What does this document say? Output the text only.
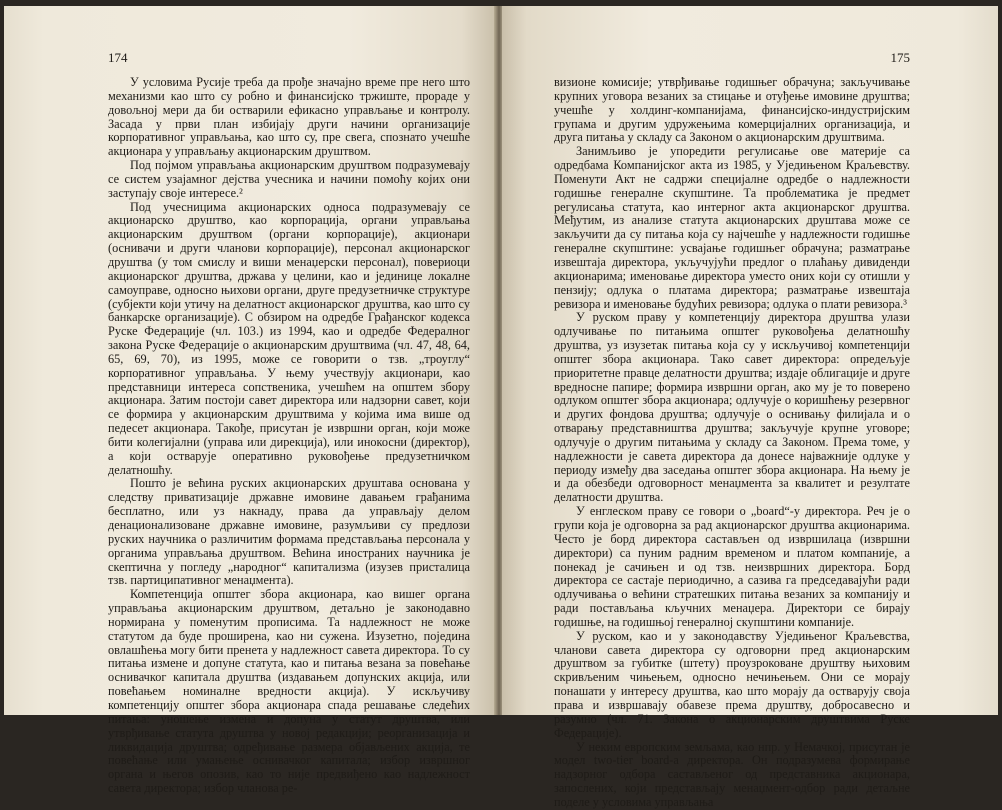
174

У условима Русије треба да прође значајно време пре него што механизми као што су робно и финансијско тржиште, прораде у довољној мери да би остварили ефикасно управљање и контролу. Засада у први план избијају други начини организације корпоративног управљања, као што су, пре свега, спознато учешће акционара у управљању акционарским друштвом.

Под појмом управљања акционарским друштвом подразумевају се систем узајамног дејства учесника и начини помоћу којих они заступају своје интересе.²

Под учесницима акционарских односа подразумевају се акционарско друштво, као корпорација, органи управљања акционарским друштвом (органи корпорације), акционари (оснивачи и други чланови корпорације), персонал акционарског друштва (у том смислу и виши менаџерски персонал), повериоци акционарског друштва, држава у целини, као и јединице локалне самоуправе, односно њихови органи, друге предузетничке структуре (субјекти који утичу на делатност акционарског друштва, као што су банкарске организације). С обзиром на одредбе Грађанског кодекса Руске Федерације (чл. 103.) из 1994, као и одредбе Федералног закона Руске Федерације о акционарским друштвима (чл. 47, 48, 64, 65, 69, 70), из 1995, може се говорити о тзв. „троуглу“ корпоративног управљања. У њему учествују акционари, као представници интереса сопственика, учешћем на општем збору акционара. Затим постоји савет директора или надзорни савет, који се формира у акционарским друштвима у којима има више од педесет акционара. Такође, присутан је извршни орган, који може бити колегијални (управа или дирекција), или инокосни (директор), а који остварује оперативно руковођење предузетничком делатношћу.

Пошто је већина руских акционарских друштава основана у следству приватизације државне имовине давањем грађанима бесплатно, или уз накнаду, права да управљају делом денационализоване државне имовине, разумљиви су предлози руских научника о различитим формама представљања персонала у органима управљања друштвом. Већина иностраних научника је скептична у погледу „народног“ капитализма (изузев присталица тзв. партиципативног менаџмента).

Компетенција општег збора акционара, као вишег органа управљања акционарским друштвом, детаљно је законодавно нормирана у поменутим прописима. Та надлежност не може статутом да буде проширена, као ни сужена. Изузетно, поједина овлашћења могу бити пренета у надлежност савета директора. То су питања измене и допуне статута, као и питања везана за повећање оснивачког капитала друштва (издавањем допунских акција, или повећањем номиналне вредности акција). У искључиву компетенцију општег збора акционара спада решавање следећих питања: уношење измена и допуна у статут друштва, или утврђивање статута друштва у новој редакцији; реорганизација и ликвидација друштва; одређивање размера објављених акција, те повећање или умањење оснивачког капитала; избор извршног органа и његов опозив, као то није предвиђено као надлежност савета директора; избор чланова ре-

175

визионе комисије; утврђивање годишњег обрачуна; закључивање крупних уговора везаних за стицање и отуђење имовине друштва; учешће у холдинг-компанијама, финансијско-индустријским групама и другим удружењима комерцијалних организација, и друга питања у складу са Законом о акционарским друштвима.

Занимљиво је упоредити регулисање ове материје са одредбама Компанијског акта из 1985, у Уједињеном Краљевству. Поменути Акт не садржи специјалне одредбе о надлежности годишње генералне скупштине. Та проблематика је предмет регулисања статута, као интерног акта акционарског друштва. Међутим, из анализе статута акционарских друштава може се закључити да су питања која су најчешће у надлежности годишње генералне скупштине: усвајање годишњег обрачуна; разматрање извештаја директора, укључујући предлог о плаћању дивиденди акционарима; именовање директора уместо оних који су отишли у пензију; одлука о платама директора; разматрање извештаја ревизора и именовање будућих ревизора; одлука о плати ревизора.³

У руском праву у компетенцију директора друштва улази одлучивање по питањима општег руковођења делатношћу друштва, уз изузетак питања која су у искључивој компетенцији општег збора акционара. Тако савет директора: опредељује приоритетне правце делатности друштва; издаје облигације и друге вредносне папире; формира извршни орган, ако му је то поверено одлуком општег збора акционара; одлучује о коришћењу резервног и других фондова друштва; одлучује о оснивању филијала и о отварању представништва друштва; закључује крупне уговоре; одлучује о другим питањима у складу са Законом. Према томе, у надлежности је савета директора да донесе најважније одлуке у периоду између два заседања општег збора акционара. На њему је и да обезбеди одговорност менаџмента за квалитет и резултате делатности друштва.

У енглеском праву се говори о „board“-у директора. Реч је о групи која је одговорна за рад акционарског друштва акционарима. Често је борд директора састављен од извршилаца (извршни директори) са пуним радним временом и платом компаније, а понекад је сачињен и од тзв. неизвршних директора. Борд директора се састаје периодично, а сазива га председавајући ради одлучивања о већини стратешких питања везаних за компанију и ради постављања кључних менаџера. Директори се бирају годишње, на годишњој генералној скупштини компаније.

У руском, као и у законодавству Уједињеног Краљевства, чланови савета директора су одговорни пред акционарским друштвом за губитке (штету) проузроковане друштву њиховим скривљеним чињењем, односно нечињењем. Они се морају понашати у интересу друштва, као што морају да остварују своја права и извршавају обавезе према друштву, добросавесно и разумно (чл. 71. Закона о акционарским друштвима Руске Федерације).

У неким европским земљама, као нпр. у Немачкој, присутан је модел two-tier board-а директора. Он подразумева формирање надзорног одбора састављеног од представника акционара, запослених, који представљају менаџмент-одбор ради детаљне поделе у условима управљања
